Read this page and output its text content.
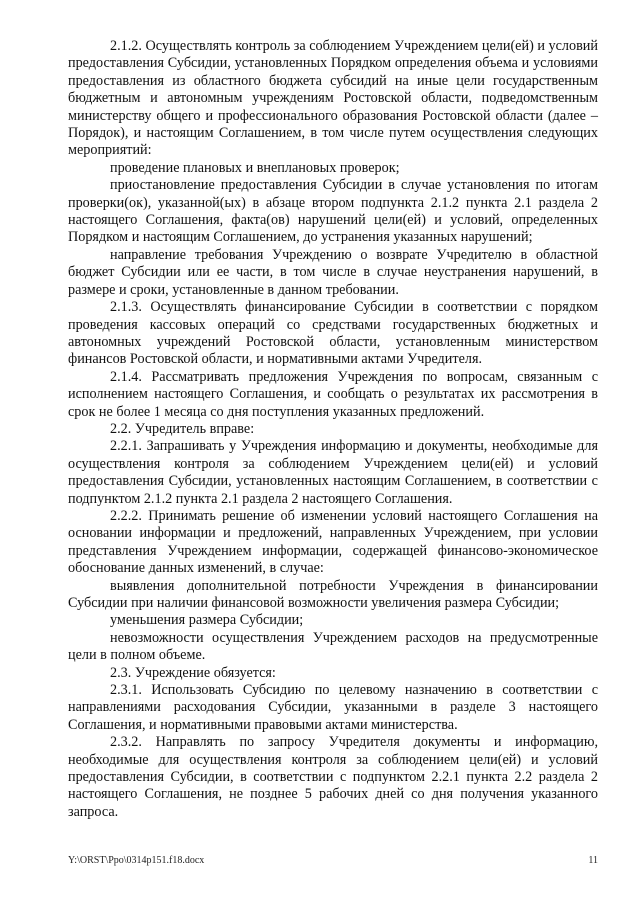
2.1.2. Осуществлять контроль за соблюдением Учреждением цели(ей) и условий предоставления Субсидии, установленных Порядком определения объема и условиями предоставления из областного бюджета субсидий на иные цели государственным бюджетным и автономным учреждениям Ростовской области, подведомственным министерству общего и профессионального образования Ростовской области (далее – Порядок), и настоящим Соглашением, в том числе путем осуществления следующих мероприятий:

проведение плановых и внеплановых проверок;

приостановление предоставления Субсидии в случае установления по итогам проверки(ок), указанной(ых) в абзаце втором подпункта 2.1.2 пункта 2.1 раздела 2 настоящего Соглашения, факта(ов) нарушений цели(ей) и условий, определенных Порядком и настоящим Соглашением, до устранения указанных нарушений;

направление требования Учреждению о возврате Учредителю в областной бюджет Субсидии или ее части, в том числе в случае неустранения нарушений, в размере и сроки, установленные в данном требовании.

2.1.3. Осуществлять финансирование Субсидии в соответствии с порядком проведения кассовых операций со средствами государственных бюджетных и автономных учреждений Ростовской области, установленным министерством финансов Ростовской области, и нормативными актами Учредителя.

2.1.4. Рассматривать предложения Учреждения по вопросам, связанным с исполнением настоящего Соглашения, и сообщать о результатах их рассмотрения в срок не более 1 месяца со дня поступления указанных предложений.

2.2. Учредитель вправе:

2.2.1. Запрашивать у Учреждения информацию и документы, необходимые для осуществления контроля за соблюдением Учреждением цели(ей) и условий предоставления Субсидии, установленных настоящим Соглашением, в соответствии с подпунктом 2.1.2 пункта 2.1 раздела 2 настоящего Соглашения.

2.2.2. Принимать решение об изменении условий настоящего Соглашения на основании информации и предложений, направленных Учреждением, при условии представления Учреждением информации, содержащей финансово-экономическое обоснование данных изменений, в случае:

выявления дополнительной потребности Учреждения в финансировании Субсидии при наличии финансовой возможности увеличения размера Субсидии;

уменьшения размера Субсидии;

невозможности осуществления Учреждением расходов на предусмотренные цели в полном объеме.

2.3. Учреждение обязуется:

2.3.1. Использовать Субсидию по целевому назначению в соответствии с направлениями расходования Субсидии, указанными в разделе 3 настоящего Соглашения, и нормативными правовыми актами министерства.

2.3.2. Направлять по запросу Учредителя документы и информацию, необходимые для осуществления контроля за соблюдением цели(ей) и условий предоставления Субсидии, в соответствии с подпунктом 2.2.1 пункта 2.2 раздела 2 настоящего Соглашения, не позднее 5 рабочих дней со дня получения указанного запроса.

Y:\ORST\Ppo\0314p151.f18.docx	11
